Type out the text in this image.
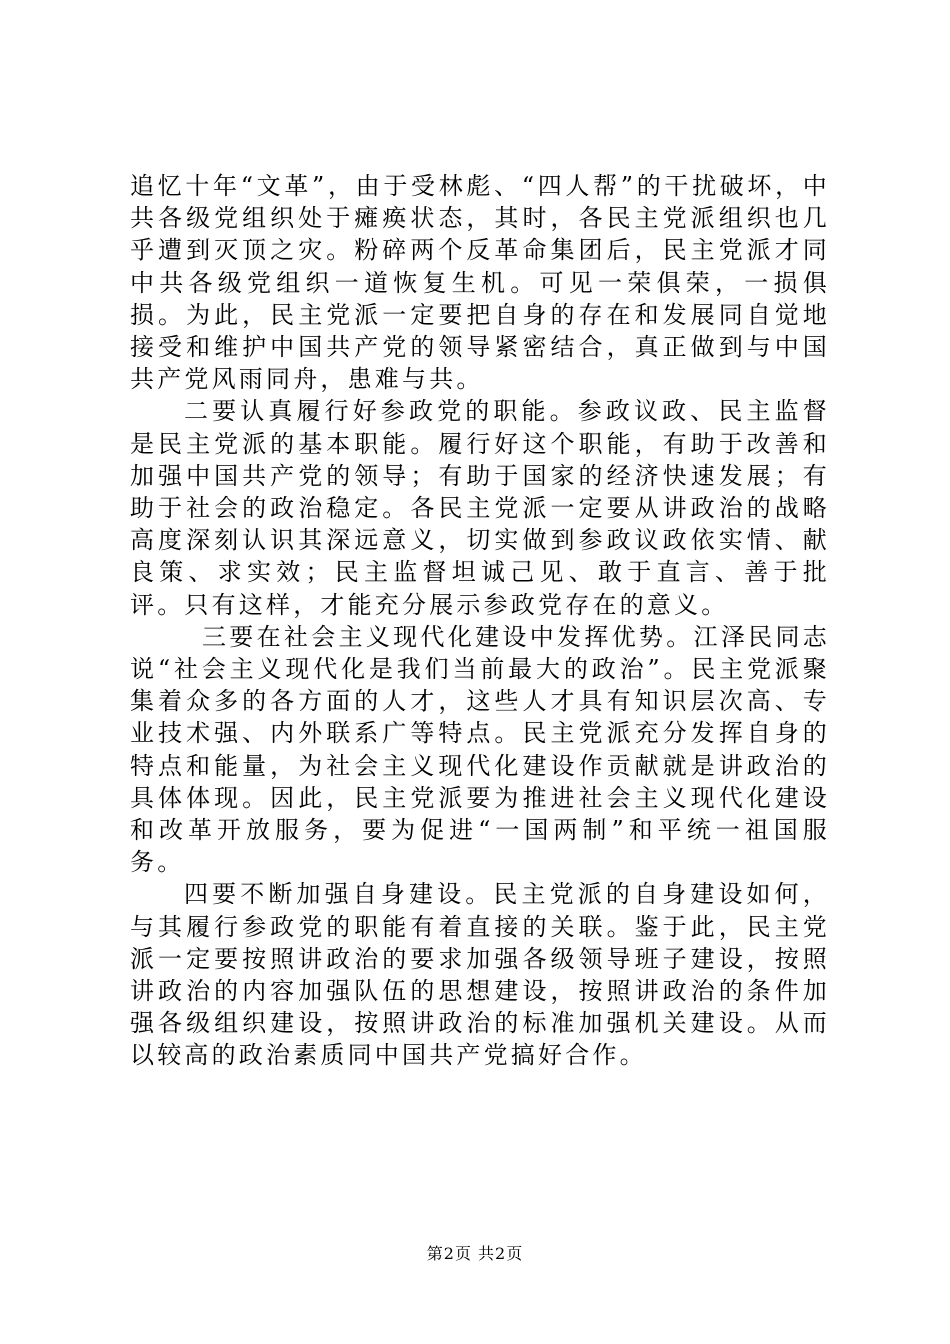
追忆十年“文革”，由于受林彪、“四人帮”的干扰破坏，中共各级党组织处于瘫痪状态，其时，各民主党派组织也几乎遭到灭顶之灾。粉碎两个反革命集团后，民主党派才同中共各级党组织一道恢复生机。可见一荣俱荣，一损俱损。为此，民主党派一定要把自身的存在和发展同自觉地接受和维护中国共产党的领导紧密结合，真正做到与中国共产党风雨同舟，患难与共。

二要认真履行好参政党的职能。参政议政、民主监督是民主党派的基本职能。履行好这个职能，有助于改善和加强中国共产党的领导；有助于国家的经济快速发展；有助于社会的政治稳定。各民主党派一定要从讲政治的战略高度深刻认识其深远意义，切实做到参政议政依实情、献良策、求实效；民主监督坦诚己见、敢于直言、善于批评。只有这样，才能充分展示参政党存在的意义。

三要在社会主义现代化建设中发挥优势。江泽民同志说“社会主义现代化是我们当前最大的政治”。民主党派聚集着众多的各方面的人才，这些人才具有知识层次高、专业技术强、内外联系广等特点。民主党派充分发挥自身的特点和能量，为社会主义现代化建设作贡献就是讲政治的具体体现。因此，民主党派要为推进社会主义现代化建设和改革开放服务，要为促进“一国两制”和平统一祖国服务。

四要不断加强自身建设。民主党派的自身建设如何，与其履行参政党的职能有着直接的关联。鉴于此，民主党派一定要按照讲政治的要求加强各级领导班子建设，按照讲政治的内容加强队伍的思想建设，按照讲政治的条件加强各级组织建设，按照讲政治的标准加强机关建设。从而以较高的政治素质同中国共产党搞好合作。

第2页 共2页
